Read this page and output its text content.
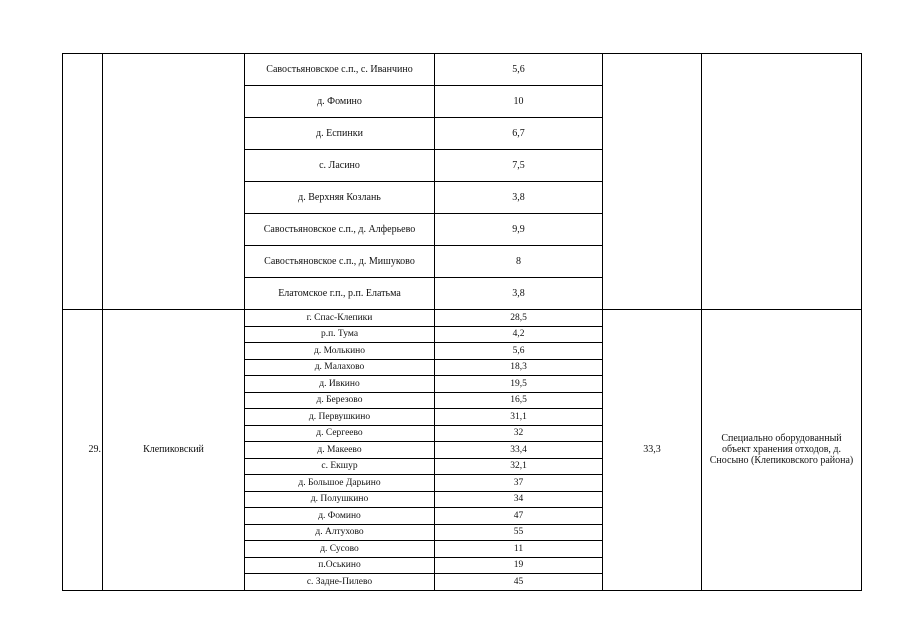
		Савостьяновское с.п., с. Иванчино	5,6		
		д. Фомино	10		
		д. Еспинки	6,7		
		с. Ласино	7,5		
		д. Верхняя Козлань	3,8		
		Савостьяновское с.п., д. Алферьево	9,9		
		Савостьяновское с.п., д. Мишуково	8		
		Елатомское г.п., р.п. Елатьма	3,8		
29.	Клепиковский	г. Спас-Клепики	28,5	33,3	Специально оборудованный объект хранения отходов, д. Сносыно (Клепиковского района)
		р.п. Тума	4,2		
		д. Молькино	5,6		
		д. Малахово	18,3		
		д. Ивкино	19,5		
		д. Березово	16,5		
		д. Первушкино	31,1		
		д. Сергеево	32		
		д. Макеево	33,4		
		с. Екшур	32,1		
		д. Большое Дарьино	37		
		д. Полушкино	34		
		д. Фомино	47		
		д. Алтухово	55		
		д. Сусово	11		
		п.Оськино	19		
		с. Задне-Пилево	45		
